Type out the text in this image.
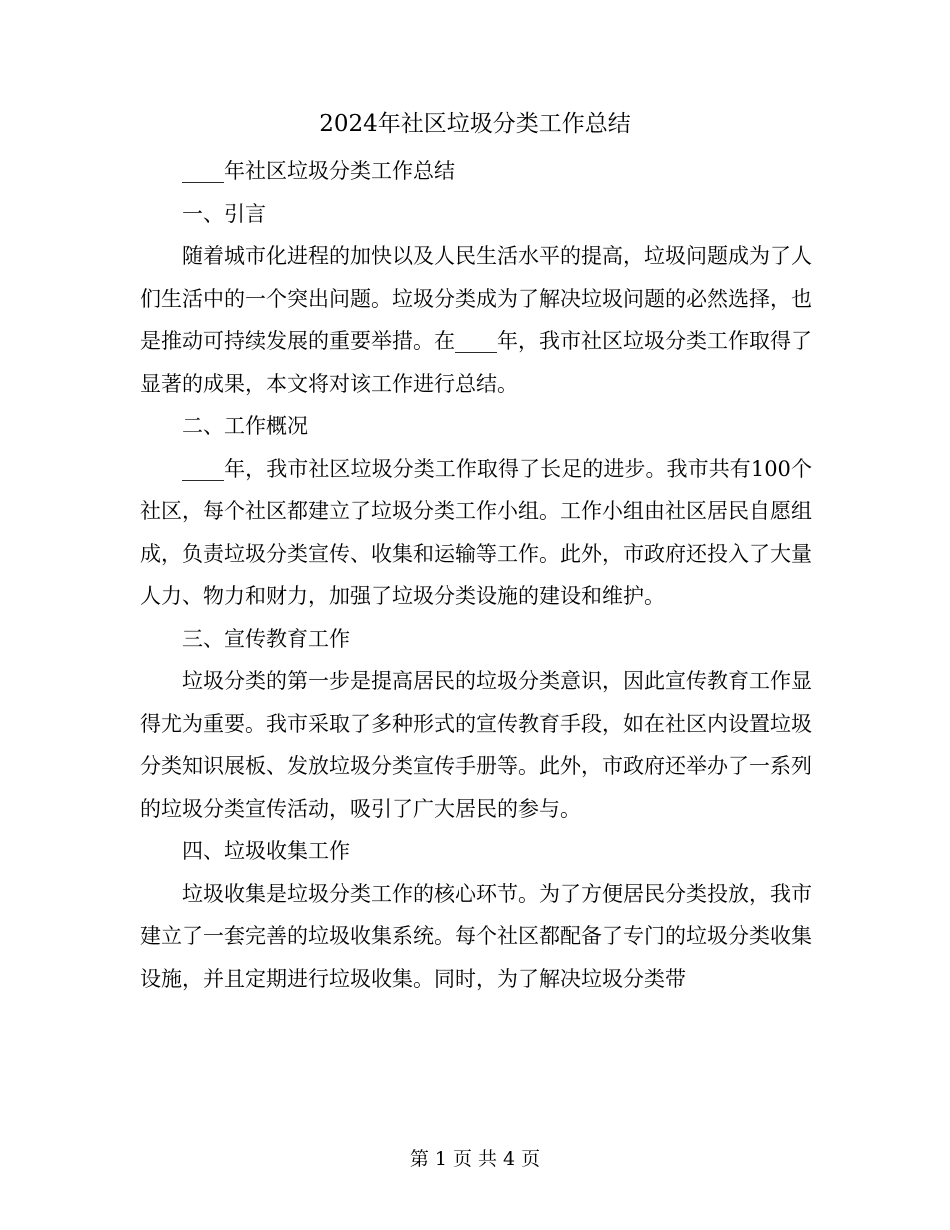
2024年社区垃圾分类工作总结

____年社区垃圾分类工作总结

一、引言

随着城市化进程的加快以及人民生活水平的提高，垃圾问题成为了人们生活中的一个突出问题。垃圾分类成为了解决垃圾问题的必然选择，也是推动可持续发展的重要举措。在____年，我市社区垃圾分类工作取得了显著的成果，本文将对该工作进行总结。

二、工作概况

____年，我市社区垃圾分类工作取得了长足的进步。我市共有100个社区，每个社区都建立了垃圾分类工作小组。工作小组由社区居民自愿组成，负责垃圾分类宣传、收集和运输等工作。此外，市政府还投入了大量人力、物力和财力，加强了垃圾分类设施的建设和维护。

三、宣传教育工作

垃圾分类的第一步是提高居民的垃圾分类意识，因此宣传教育工作显得尤为重要。我市采取了多种形式的宣传教育手段，如在社区内设置垃圾分类知识展板、发放垃圾分类宣传手册等。此外，市政府还举办了一系列的垃圾分类宣传活动，吸引了广大居民的参与。

四、垃圾收集工作

垃圾收集是垃圾分类工作的核心环节。为了方便居民分类投放，我市建立了一套完善的垃圾收集系统。每个社区都配备了专门的垃圾分类收集设施，并且定期进行垃圾收集。同时，为了解决垃圾分类带

第 1 页 共 4 页
